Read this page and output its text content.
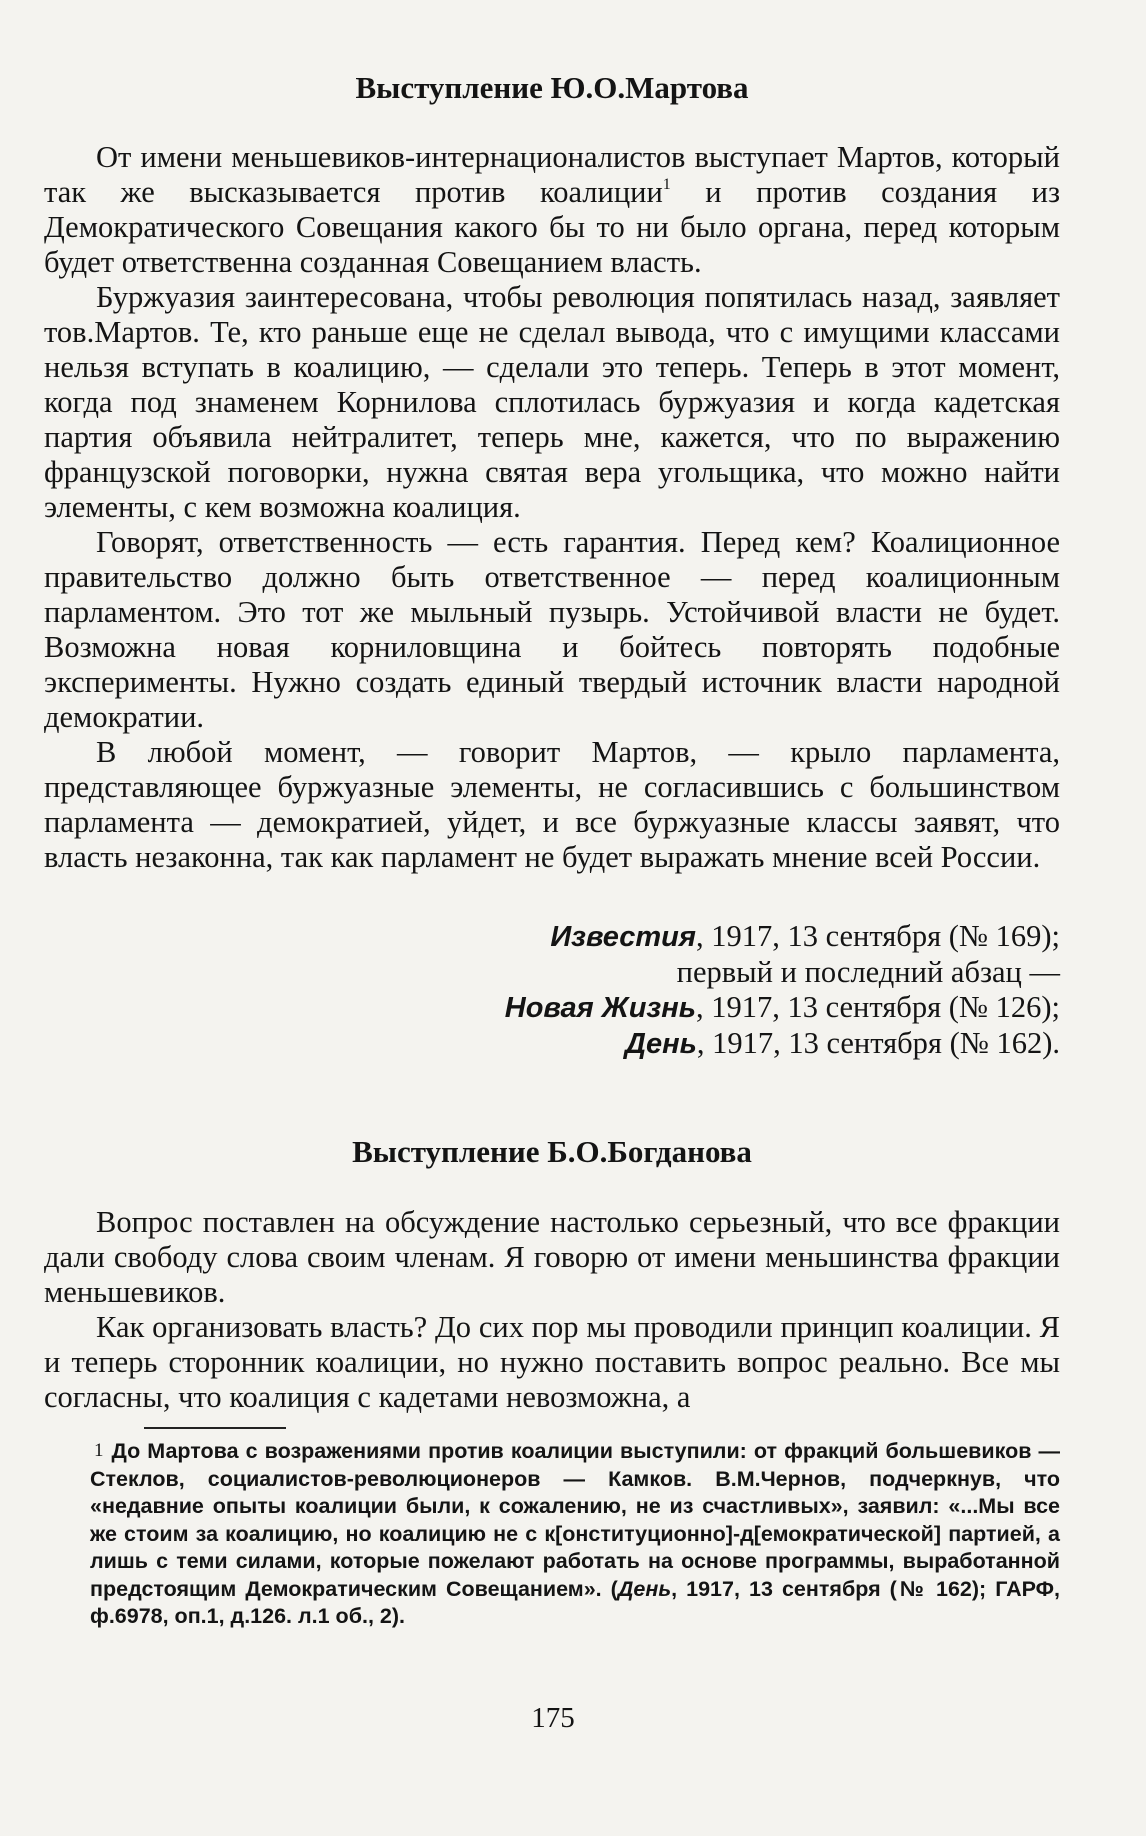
Выступление Ю.О.Мартова

От имени меньшевиков-интернационалистов выступает Мартов, который так же высказывается против коалиции$^1$ и против создания из Демократического Совещания какого бы то ни было органа, перед которым будет ответственна созданная Совещанием власть.

Буржуазия заинтересована, чтобы революция попятилась назад, заявляет тов.Мартов. Те, кто раньше еще не сделал вывода, что с имущими классами нельзя вступать в коалицию, — сделали это теперь. Теперь в этот момент, когда под знаменем Корнилова сплотилась буржуазия и когда кадетская партия объявила нейтралитет, теперь мне, кажется, что по выражению французской поговорки, нужна святая вера угольщика, что можно найти элементы, с кем возможна коалиция.

Говорят, ответственность — есть гарантия. Перед кем? Коалиционное правительство должно быть ответственное — перед коалиционным парламентом. Это тот же мыльный пузырь. Устойчивой власти не будет. Возможна новая корниловщина и бойтесь повторять подобные эксперименты. Нужно создать единый твердый источник власти народной демократии.

В любой момент, — говорит Мартов, — крыло парламента, представляющее буржуазные элементы, не согласившись с большинством парламента — демократией, уйдет, и все буржуазные классы заявят, что власть незаконна, так как парламент не будет выражать мнение всей России.

Известия, 1917, 13 сентября (№ 169);
первый и последний абзац —
Новая Жизнь, 1917, 13 сентября (№ 126);
День, 1917, 13 сентября (№ 162).
Выступление Б.О.Богданова

Вопрос поставлен на обсуждение настолько серьезный, что все фракции дали свободу слова своим членам. Я говорю от имени меньшинства фракции меньшевиков.

Как организовать власть? До сих пор мы проводили принцип коалиции. Я и теперь сторонник коалиции, но нужно поставить вопрос реально. Все мы согласны, что коалиция с кадетами невозможна, а

1 До Мартова с возражениями против коалиции выступили: от фракций большевиков — Стеклов, социалистов-революционеров — Камков. В.М.Чернов, подчеркнув, что «недавние опыты коалиции были, к сожалению, не из счастливых», заявил: «...Мы все же стоим за коалицию, но коалицию не с к[онституционно]-д[емократической] партией, а лишь с теми силами, которые пожелают работать на основе программы, выработанной предстоящим Демократическим Совещанием». (День, 1917, 13 сентября (№ 162); ГАРФ, ф.6978, оп.1, д.126. л.1 об., 2).

175
